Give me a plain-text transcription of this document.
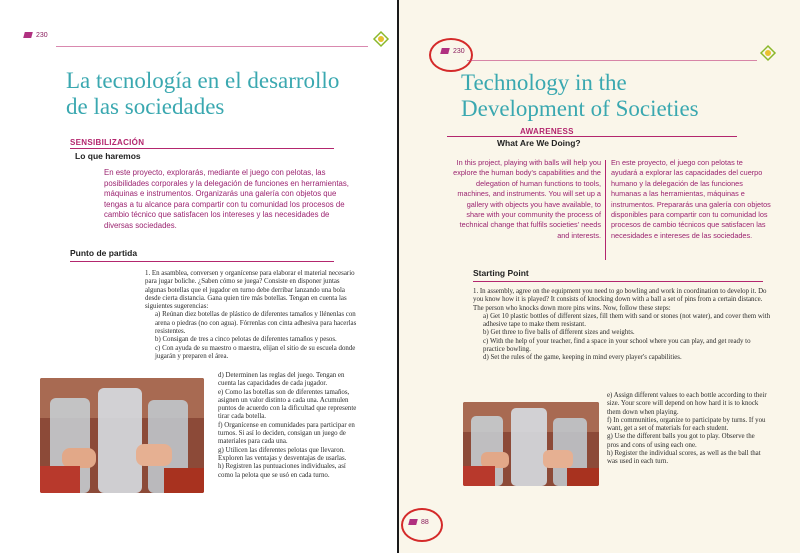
230
La tecnología en el desarrollo
de las sociedades
SENSIBILIZACIÓN
Lo que haremos
En este proyecto, explorarás, mediante el juego con pelotas, las posibilidades corporales y la delegación de funciones en herramientas, máquinas e instrumentos. Organizarás una galería con objetos que tengas a tu alcance para compartir con tu comunidad los procesos de cambio técnico que satisfacen los intereses y las necesidades de diversas sociedades.
Punto de partida

1. En asamblea, conversen y organícense para elaborar el material necesario para jugar boliche. ¿Saben cómo se juega? Consiste en disponer juntas algunas botellas que el jugador en turno debe derribar lanzando una bola desde cierta distancia. Gana quien tire más botellas. Tengan en cuenta las siguientes sugerencias:

a) Reúnan diez botellas de plástico de diferentes tamaños y llénenlas con arena o piedras (no con agua). Fórrenlas con cinta adhesiva para hacerlas resistentes.

b) Consigan de tres a cinco pelotas de diferentes tamaños y pesos.

c) Con ayuda de su maestro o maestra, elijan el sitio de su escuela donde jugarán y preparen el área.

d) Determinen las reglas del juego. Tengan en cuenta las capacidades de cada jugador.

e) Como las botellas son de diferentes tamaños, asignen un valor distinto a cada una. Acumulen puntos de acuerdo con la dificultad que represente tirar cada botella.

f) Organícense en comunidades para participar en turnos. Si así lo deciden, consigan un juego de materiales para cada una.

g) Utilicen las diferentes pelotas que llevaron. Exploren las ventajas y desventajas de usarlas.

h) Registren las puntuaciones individuales, así como la pelota que se usó en cada turno.

230
Technology in the
Development of Societies
AWARENESS
What Are We Doing?
In this project, playing with balls will help you explore the human body's capabilities and the delegation of human functions to tools, machines, and instruments. You will set up a gallery with objects you have available, to share with your community the process of technical change that fulfils societies' needs and interests.
En este proyecto, el juego con pelotas te ayudará a explorar las capacidades del cuerpo humano y la delegación de las funciones humanas a las herramientas, máquinas e instrumentos. Prepararás una galería con objetos disponibles para compartir con tu comunidad los procesos de cambio técnicos que satisfacen las necesidades e intereses de las sociedades.
Starting Point

1. In assembly, agree on the equipment you need to go bowling and work in coordination to develop it. Do you know how it is played? It consists of knocking down with a ball a set of pins from a certain distance. The person who knocks down more pins wins. Now, follow these steps:

a) Get 10 plastic bottles of different sizes, fill them with sand or stones (not water), and cover them with adhesive tape to make them resistant.

b) Get three to five balls of different sizes and weights.

c) With the help of your teacher, find a space in your school where you can play, and get ready to practice bowling.

d) Set the rules of the game, keeping in mind every player's capabilities.

e) Assign different values to each bottle according to their size. Your score will depend on how hard it is to knock them down when playing.

f) In communities, organize to participate by turns. If you want, get a set of materials for each student.

g) Use the different balls you got to play. Observe the pros and cons of using each one.

h) Register the individual scores, as well as the ball that was used in each turn.

88
